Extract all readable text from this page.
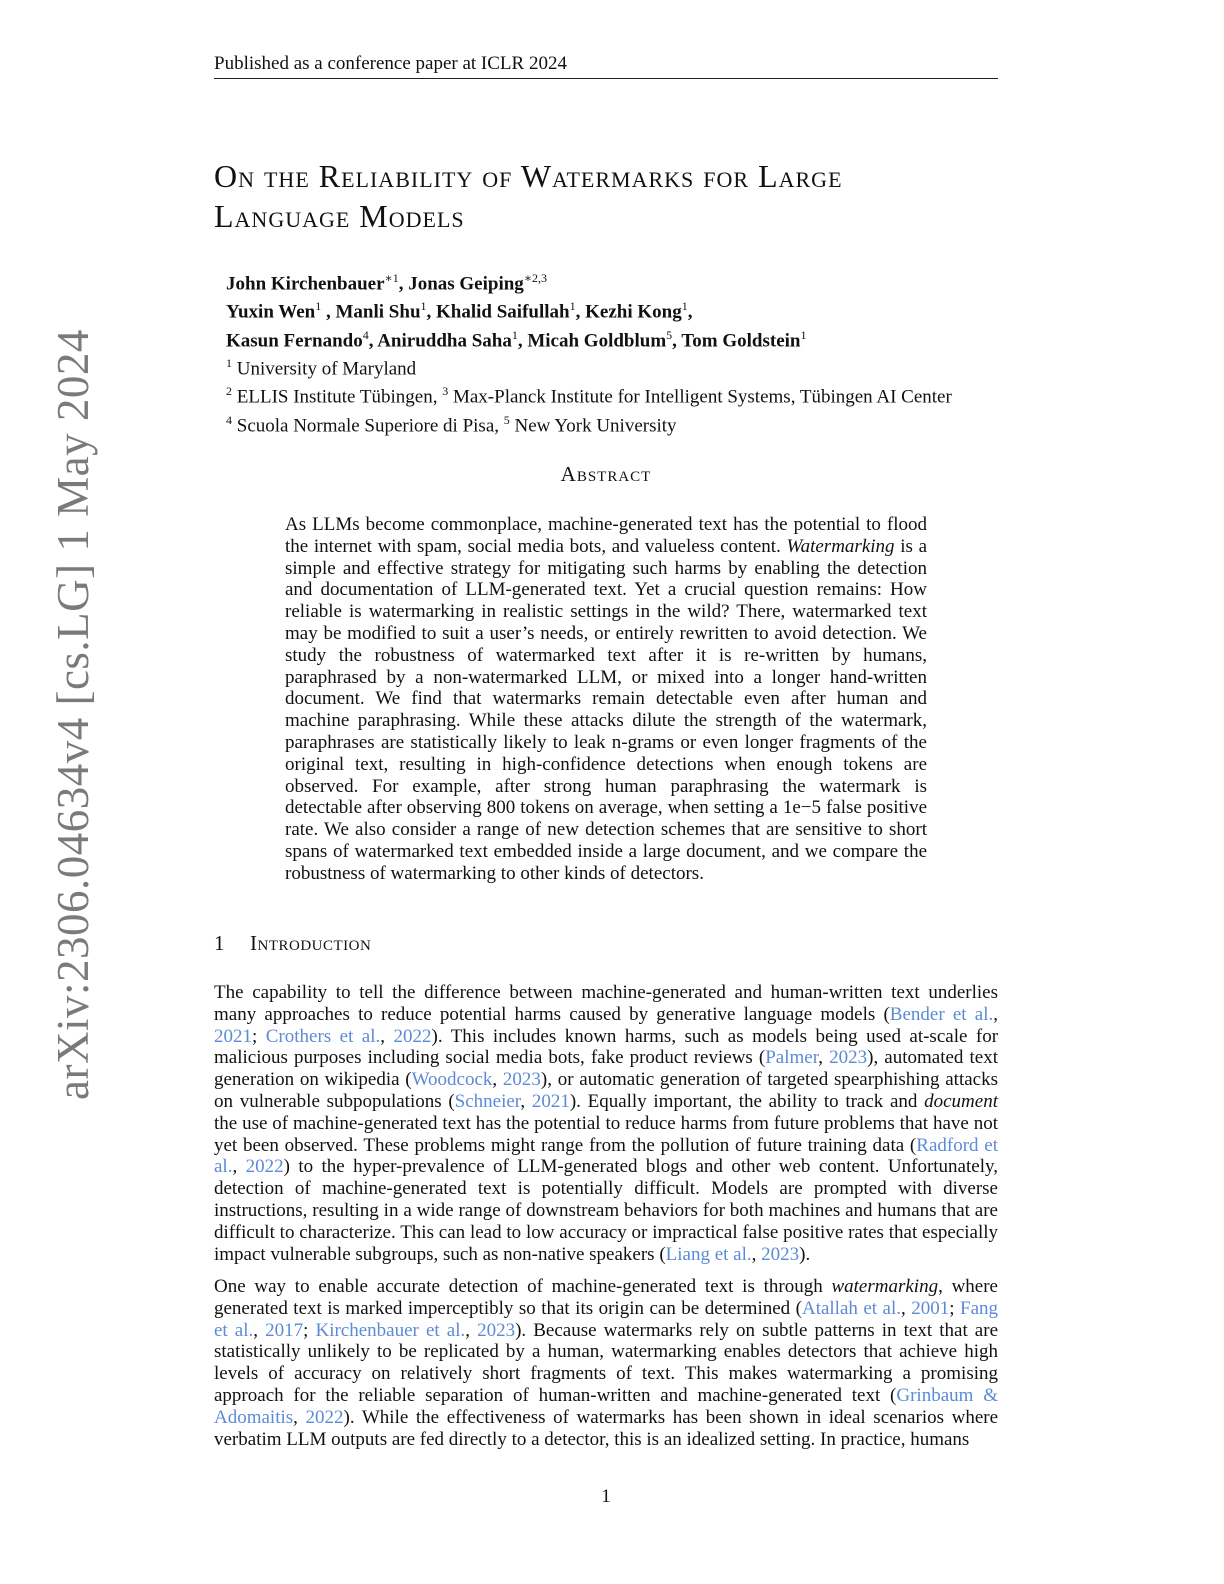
Published as a conference paper at ICLR 2024
arXiv:2306.04634v4 [cs.LG] 1 May 2024
On the Reliability of Watermarks for Large
Language Models
John Kirchenbauer$^{∗1}$, Jonas Geiping$^{∗2,3}$
Yuxin Wen$^1$ , Manli Shu$^1$, Khalid Saifullah$^1$, Kezhi Kong$^1$,
Kasun Fernando$^4$, Aniruddha Saha$^1$, Micah Goldblum$^5$, Tom Goldstein$^1$
$^1$ University of Maryland
$^2$ ELLIS Institute Tübingen, $^3$ Max-Planck Institute for Intelligent Systems, Tübingen AI Center
$^4$ Scuola Normale Superiore di Pisa, $^5$ New York University
Abstract
As LLMs become commonplace, machine-generated text has the potential to flood the internet with spam, social media bots, and valueless content. Watermarking is a simple and effective strategy for mitigating such harms by enabling the detection and documentation of LLM-generated text. Yet a crucial question remains: How reliable is watermarking in realistic settings in the wild? There, watermarked text may be modified to suit a user’s needs, or entirely rewritten to avoid detection. We study the robustness of watermarked text after it is re-written by humans, paraphrased by a non-watermarked LLM, or mixed into a longer hand-written document. We find that watermarks remain detectable even after human and machine paraphrasing. While these attacks dilute the strength of the watermark, paraphrases are statistically likely to leak n-grams or even longer fragments of the original text, resulting in high-confidence detections when enough tokens are observed. For example, after strong human paraphrasing the watermark is detectable after observing 800 tokens on average, when setting a 1e−5 false positive rate. We also consider a range of new detection schemes that are sensitive to short spans of watermarked text embedded inside a large document, and we compare the robustness of watermarking to other kinds of detectors.
1 Introduction
The capability to tell the difference between machine-generated and human-written text underlies many approaches to reduce potential harms caused by generative language models (Bender et al., 2021; Crothers et al., 2022). This includes known harms, such as models being used at-scale for malicious purposes including social media bots, fake product reviews (Palmer, 2023), automated text generation on wikipedia (Woodcock, 2023), or automatic generation of targeted spearphishing attacks on vulnerable subpopulations (Schneier, 2021). Equally important, the ability to track and document the use of machine-generated text has the potential to reduce harms from future problems that have not yet been observed. These problems might range from the pollution of future training data (Radford et al., 2022) to the hyper-prevalence of LLM-generated blogs and other web content. Unfortunately, detection of machine-generated text is potentially difficult. Models are prompted with diverse instructions, resulting in a wide range of downstream behaviors for both machines and humans that are difficult to characterize. This can lead to low accuracy or impractical false positive rates that especially impact vulnerable subgroups, such as non-native speakers (Liang et al., 2023).
One way to enable accurate detection of machine-generated text is through watermarking, where generated text is marked imperceptibly so that its origin can be determined (Atallah et al., 2001; Fang et al., 2017; Kirchenbauer et al., 2023). Because watermarks rely on subtle patterns in text that are statistically unlikely to be replicated by a human, watermarking enables detectors that achieve high levels of accuracy on relatively short fragments of text. This makes watermarking a promising approach for the reliable separation of human-written and machine-generated text (Grinbaum & Adomaitis, 2022). While the effectiveness of watermarks has been shown in ideal scenarios where verbatim LLM outputs are fed directly to a detector, this is an idealized setting. In practice, humans
1
